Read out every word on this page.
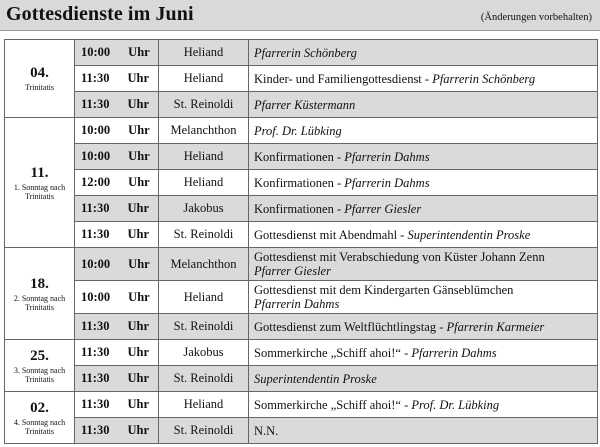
Gottesdienste im Juni	(Änderungen vorbehalten)
04.
Trinitatis	10:00 Uhr	Heliand	Pfarrerin Schönberg
	11:30 Uhr	Heliand	Kinder- und Familiengottesdienst - Pfarrerin Schönberg
	11:30 Uhr	St. Reinoldi	Pfarrer Küstermann

11.
1. Sonntag nach Trinitatis	10:00 Uhr	Melanchthon	Prof. Dr. Lübking
	10:00 Uhr	Heliand	Konfirmationen - Pfarrerin Dahms
	12:00 Uhr	Heliand	Konfirmationen - Pfarrerin Dahms
	11:30 Uhr	Jakobus	Konfirmationen - Pfarrer Giesler
	11:30 Uhr	St. Reinoldi	Gottesdienst mit Abendmahl - Superintendentin Proske

18.
2. Sonntag nach Trinitatis	10:00 Uhr	Melanchthon	Gottesdienst mit Verabschiedung von Küster Johann Zenn
Pfarrer Giesler
	10:00 Uhr	Heliand	Gottesdienst mit dem Kindergarten Gänseblümchen
Pfarrerin Dahms
	11:30 Uhr	St. Reinoldi	Gottesdienst zum Weltflüchtlingstag - Pfarrerin Karmeier

25.
3. Sonntag nach Trinitatis	11:30 Uhr	Jakobus	Sommerkirche „Schiff ahoi!“ - Pfarrerin Dahms
	11:30 Uhr	St. Reinoldi	Superintendentin Proske

02.
4. Sonntag nach Trinitatis	11:30 Uhr	Heliand	Sommerkirche „Schiff ahoi!“ - Prof. Dr. Lübking
	11:30 Uhr	St. Reinoldi	N.N.
